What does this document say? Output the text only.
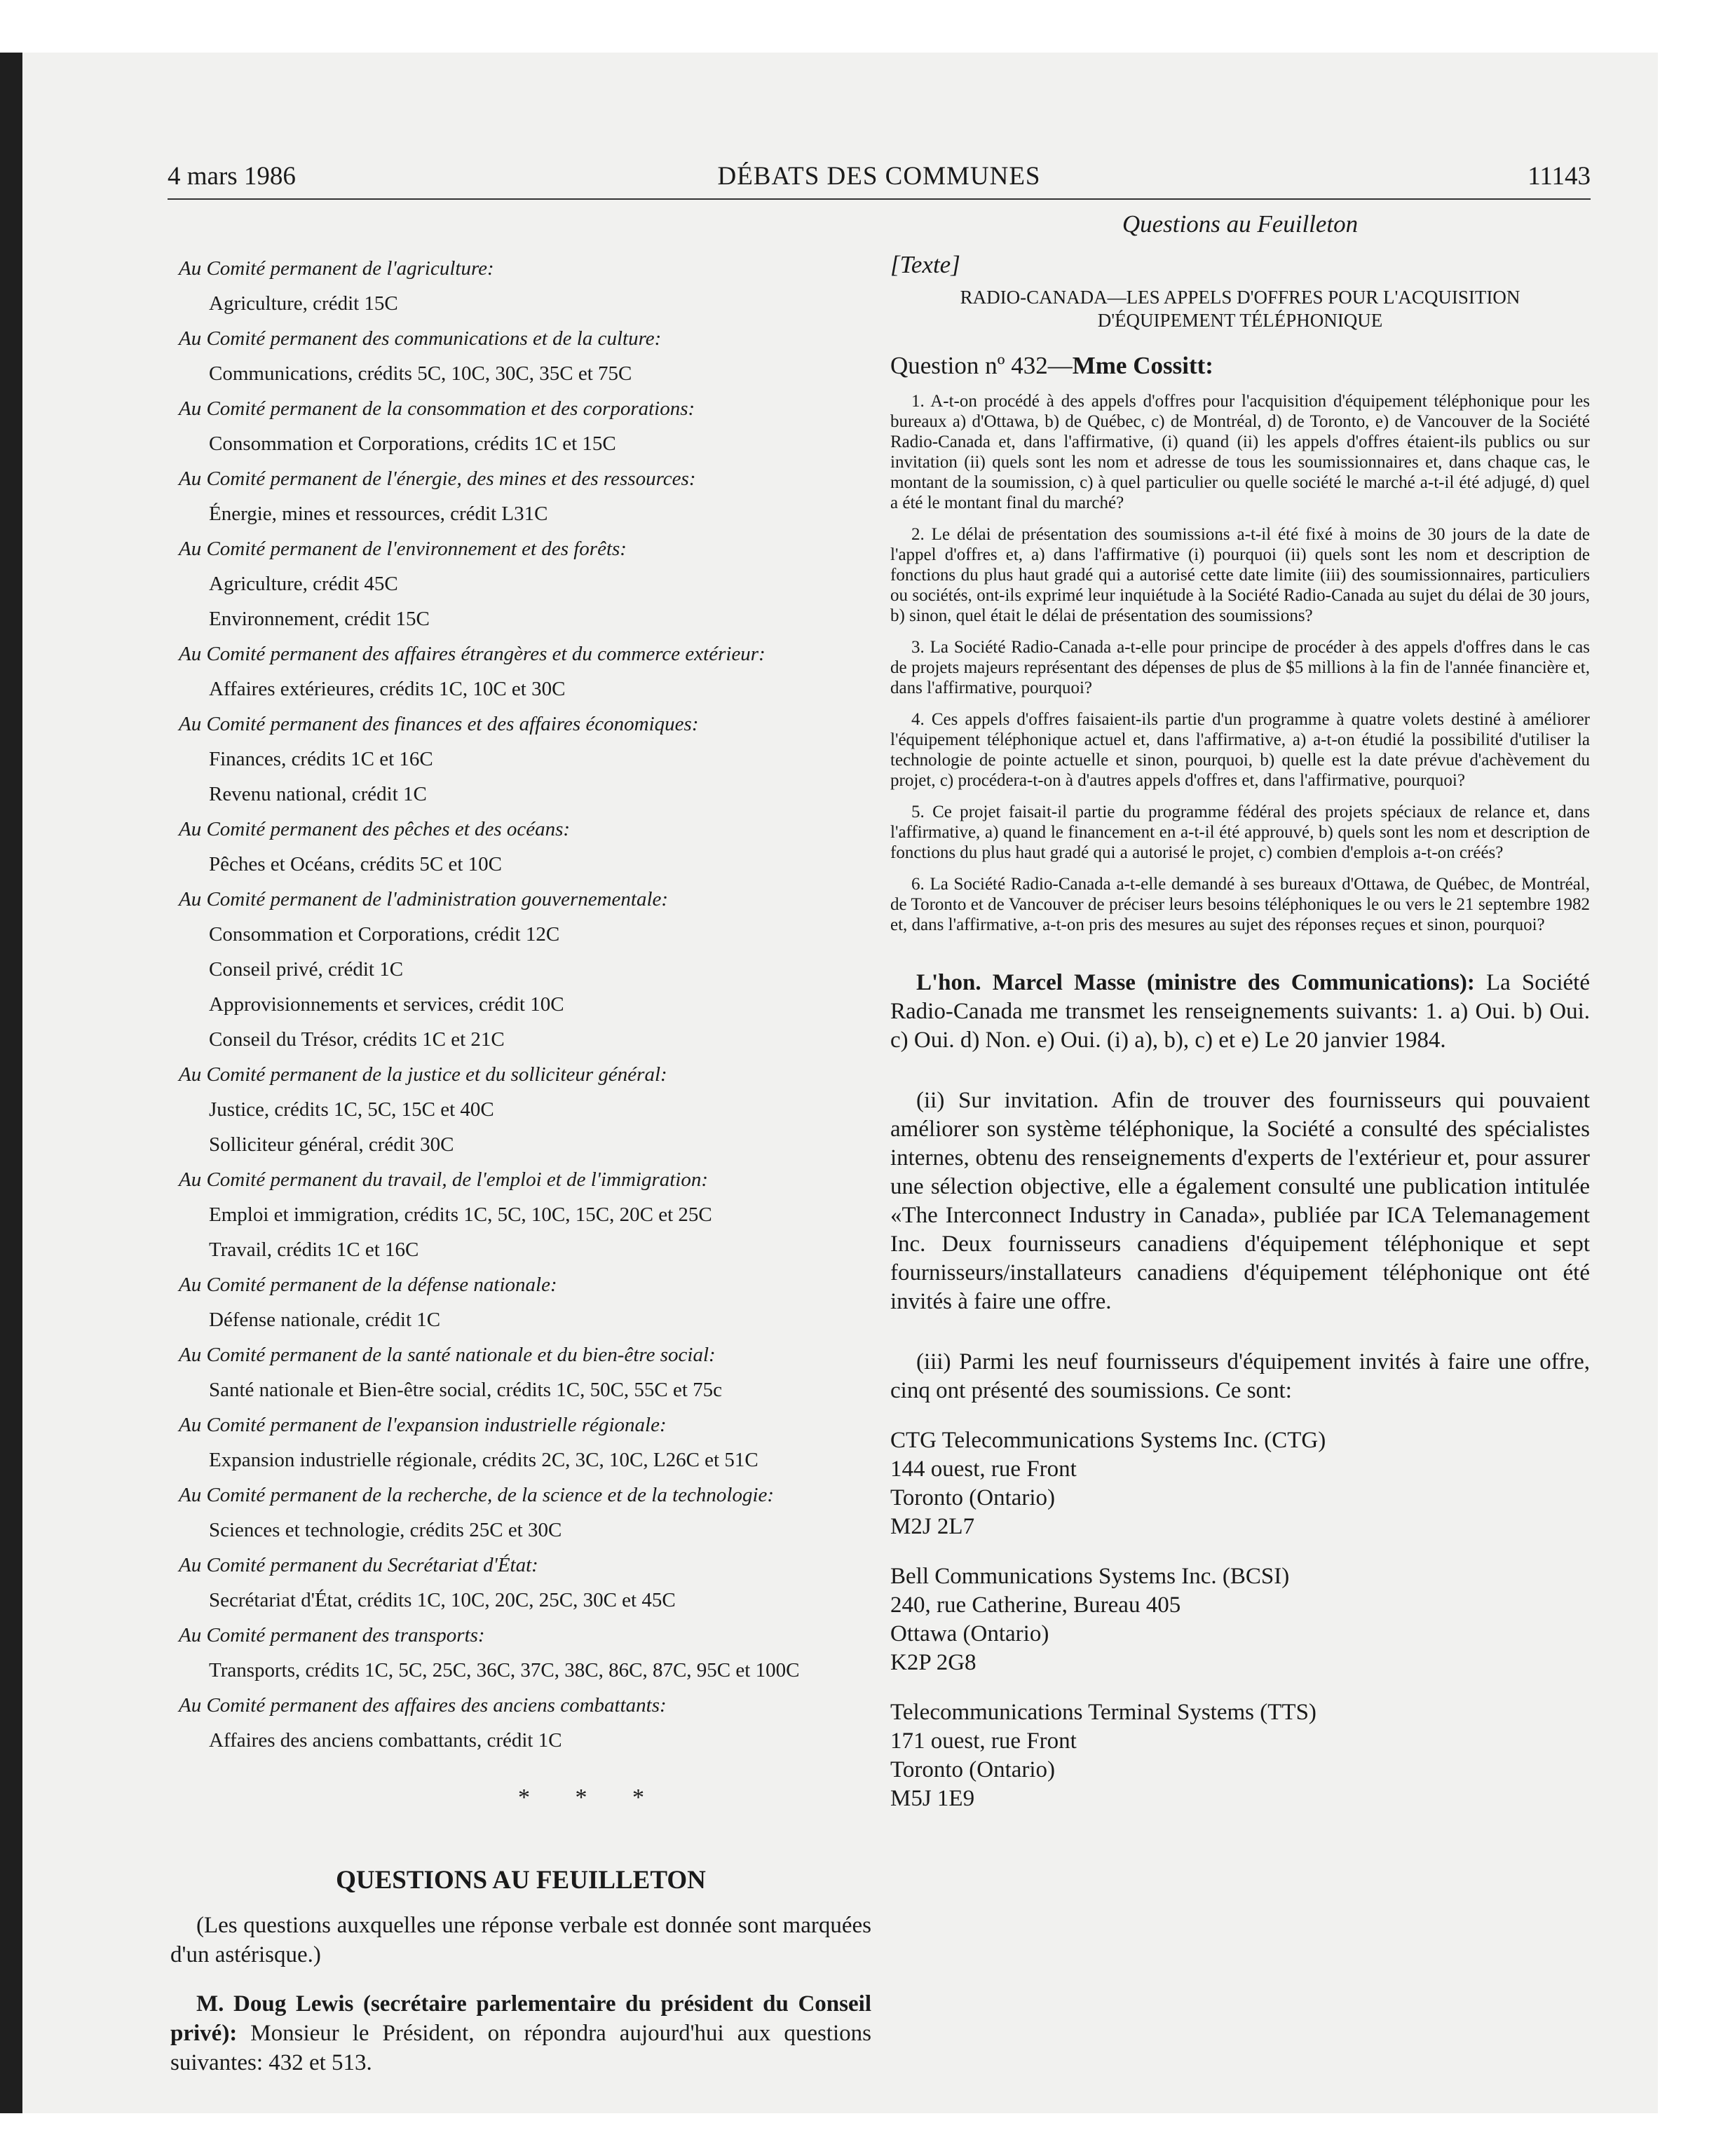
4 mars 1986	DÉBATS DES COMMUNES	11143
Au Comité permanent de l'agriculture:
Agriculture, crédit 15C
Au Comité permanent des communications et de la culture:
Communications, crédits 5C, 10C, 30C, 35C et 75C
Au Comité permanent de la consommation et des corporations:
Consommation et Corporations, crédits 1C et 15C
Au Comité permanent de l'énergie, des mines et des ressources:
Énergie, mines et ressources, crédit L31C
Au Comité permanent de l'environnement et des forêts:
Agriculture, crédit 45C
Environnement, crédit 15C
Au Comité permanent des affaires étrangères et du commerce extérieur:
Affaires extérieures, crédits 1C, 10C et 30C
Au Comité permanent des finances et des affaires économiques:
Finances, crédits 1C et 16C
Revenu national, crédit 1C
Au Comité permanent des pêches et des océans:
Pêches et Océans, crédits 5C et 10C
Au Comité permanent de l'administration gouvernementale:
Consommation et Corporations, crédit 12C
Conseil privé, crédit 1C
Approvisionnements et services, crédit 10C
Conseil du Trésor, crédits 1C et 21C
Au Comité permanent de la justice et du solliciteur général:
Justice, crédits 1C, 5C, 15C et 40C
Solliciteur général, crédit 30C
Au Comité permanent du travail, de l'emploi et de l'immigration:
Emploi et immigration, crédits 1C, 5C, 10C, 15C, 20C et 25C
Travail, crédits 1C et 16C
Au Comité permanent de la défense nationale:
Défense nationale, crédit 1C
Au Comité permanent de la santé nationale et du bien-être social:
Santé nationale et Bien-être social, crédits 1C, 50C, 55C et 75c
Au Comité permanent de l'expansion industrielle régionale:
Expansion industrielle régionale, crédits 2C, 3C, 10C, L26C et 51C
Au Comité permanent de la recherche, de la science et de la technologie:
Sciences et technologie, crédits 25C et 30C
Au Comité permanent du Secrétariat d'État:
Secrétariat d'État, crédits 1C, 10C, 20C, 25C, 30C et 45C
Au Comité permanent des transports:
Transports, crédits 1C, 5C, 25C, 36C, 37C, 38C, 86C, 87C, 95C et 100C
Au Comité permanent des affaires des anciens combattants:
Affaires des anciens combattants, crédit 1C
* * *
QUESTIONS AU FEUILLETON
(Les questions auxquelles une réponse verbale est donnée sont marquées d'un astérisque.)
M. Doug Lewis (secrétaire parlementaire du président du Conseil privé): Monsieur le Président, on répondra aujourd'hui aux questions suivantes: 432 et 513.
Questions au Feuilleton
[Texte]
RADIO-CANADA—LES APPELS D'OFFRES POUR L'ACQUISITION
D'ÉQUIPEMENT TÉLÉPHONIQUE
Question nº 432—Mme Cossitt:
1. A-t-on procédé à des appels d'offres pour l'acquisition d'équipement téléphonique pour les bureaux a) d'Ottawa, b) de Québec, c) de Montréal, d) de Toronto, e) de Vancouver de la Société Radio-Canada et, dans l'affirmative, (i) quand (ii) les appels d'offres étaient-ils publics ou sur invitation (ii) quels sont les nom et adresse de tous les soumissionnaires et, dans chaque cas, le montant de la soumission, c) à quel particulier ou quelle société le marché a-t-il été adjugé, d) quel a été le montant final du marché?
2. Le délai de présentation des soumissions a-t-il été fixé à moins de 30 jours de la date de l'appel d'offres et, a) dans l'affirmative (i) pourquoi (ii) quels sont les nom et description de fonctions du plus haut gradé qui a autorisé cette date limite (iii) des soumissionnaires, particuliers ou sociétés, ont-ils exprimé leur inquiétude à la Société Radio-Canada au sujet du délai de 30 jours, b) sinon, quel était le délai de présentation des soumissions?
3. La Société Radio-Canada a-t-elle pour principe de procéder à des appels d'offres dans le cas de projets majeurs représentant des dépenses de plus de $5 millions à la fin de l'année financière et, dans l'affirmative, pourquoi?
4. Ces appels d'offres faisaient-ils partie d'un programme à quatre volets destiné à améliorer l'équipement téléphonique actuel et, dans l'affirmative, a) a-t-on étudié la possibilité d'utiliser la technologie de pointe actuelle et sinon, pourquoi, b) quelle est la date prévue d'achèvement du projet, c) procédera-t-on à d'autres appels d'offres et, dans l'affirmative, pourquoi?
5. Ce projet faisait-il partie du programme fédéral des projets spéciaux de relance et, dans l'affirmative, a) quand le financement en a-t-il été approuvé, b) quels sont les nom et description de fonctions du plus haut gradé qui a autorisé le projet, c) combien d'emplois a-t-on créés?
6. La Société Radio-Canada a-t-elle demandé à ses bureaux d'Ottawa, de Québec, de Montréal, de Toronto et de Vancouver de préciser leurs besoins téléphoniques le ou vers le 21 septembre 1982 et, dans l'affirmative, a-t-on pris des mesures au sujet des réponses reçues et sinon, pourquoi?
L'hon. Marcel Masse (ministre des Communications): La Société Radio-Canada me transmet les renseignements suivants: 1. a) Oui. b) Oui. c) Oui. d) Non. e) Oui. (i) a), b), c) et e) Le 20 janvier 1984.
(ii) Sur invitation. Afin de trouver des fournisseurs qui pouvaient améliorer son système téléphonique, la Société a consulté des spécialistes internes, obtenu des renseignements d'experts de l'extérieur et, pour assurer une sélection objective, elle a également consulté une publication intitulée «The Interconnect Industry in Canada», publiée par ICA Telemanagement Inc. Deux fournisseurs canadiens d'équipement téléphonique et sept fournisseurs/installateurs canadiens d'équipement téléphonique ont été invités à faire une offre.
(iii) Parmi les neuf fournisseurs d'équipement invités à faire une offre, cinq ont présenté des soumissions. Ce sont:
CTG Telecommunications Systems Inc. (CTG)
144 ouest, rue Front
Toronto (Ontario)
M2J 2L7
Bell Communications Systems Inc. (BCSI)
240, rue Catherine, Bureau 405
Ottawa (Ontario)
K2P 2G8
Telecommunications Terminal Systems (TTS)
171 ouest, rue Front
Toronto (Ontario)
M5J 1E9
